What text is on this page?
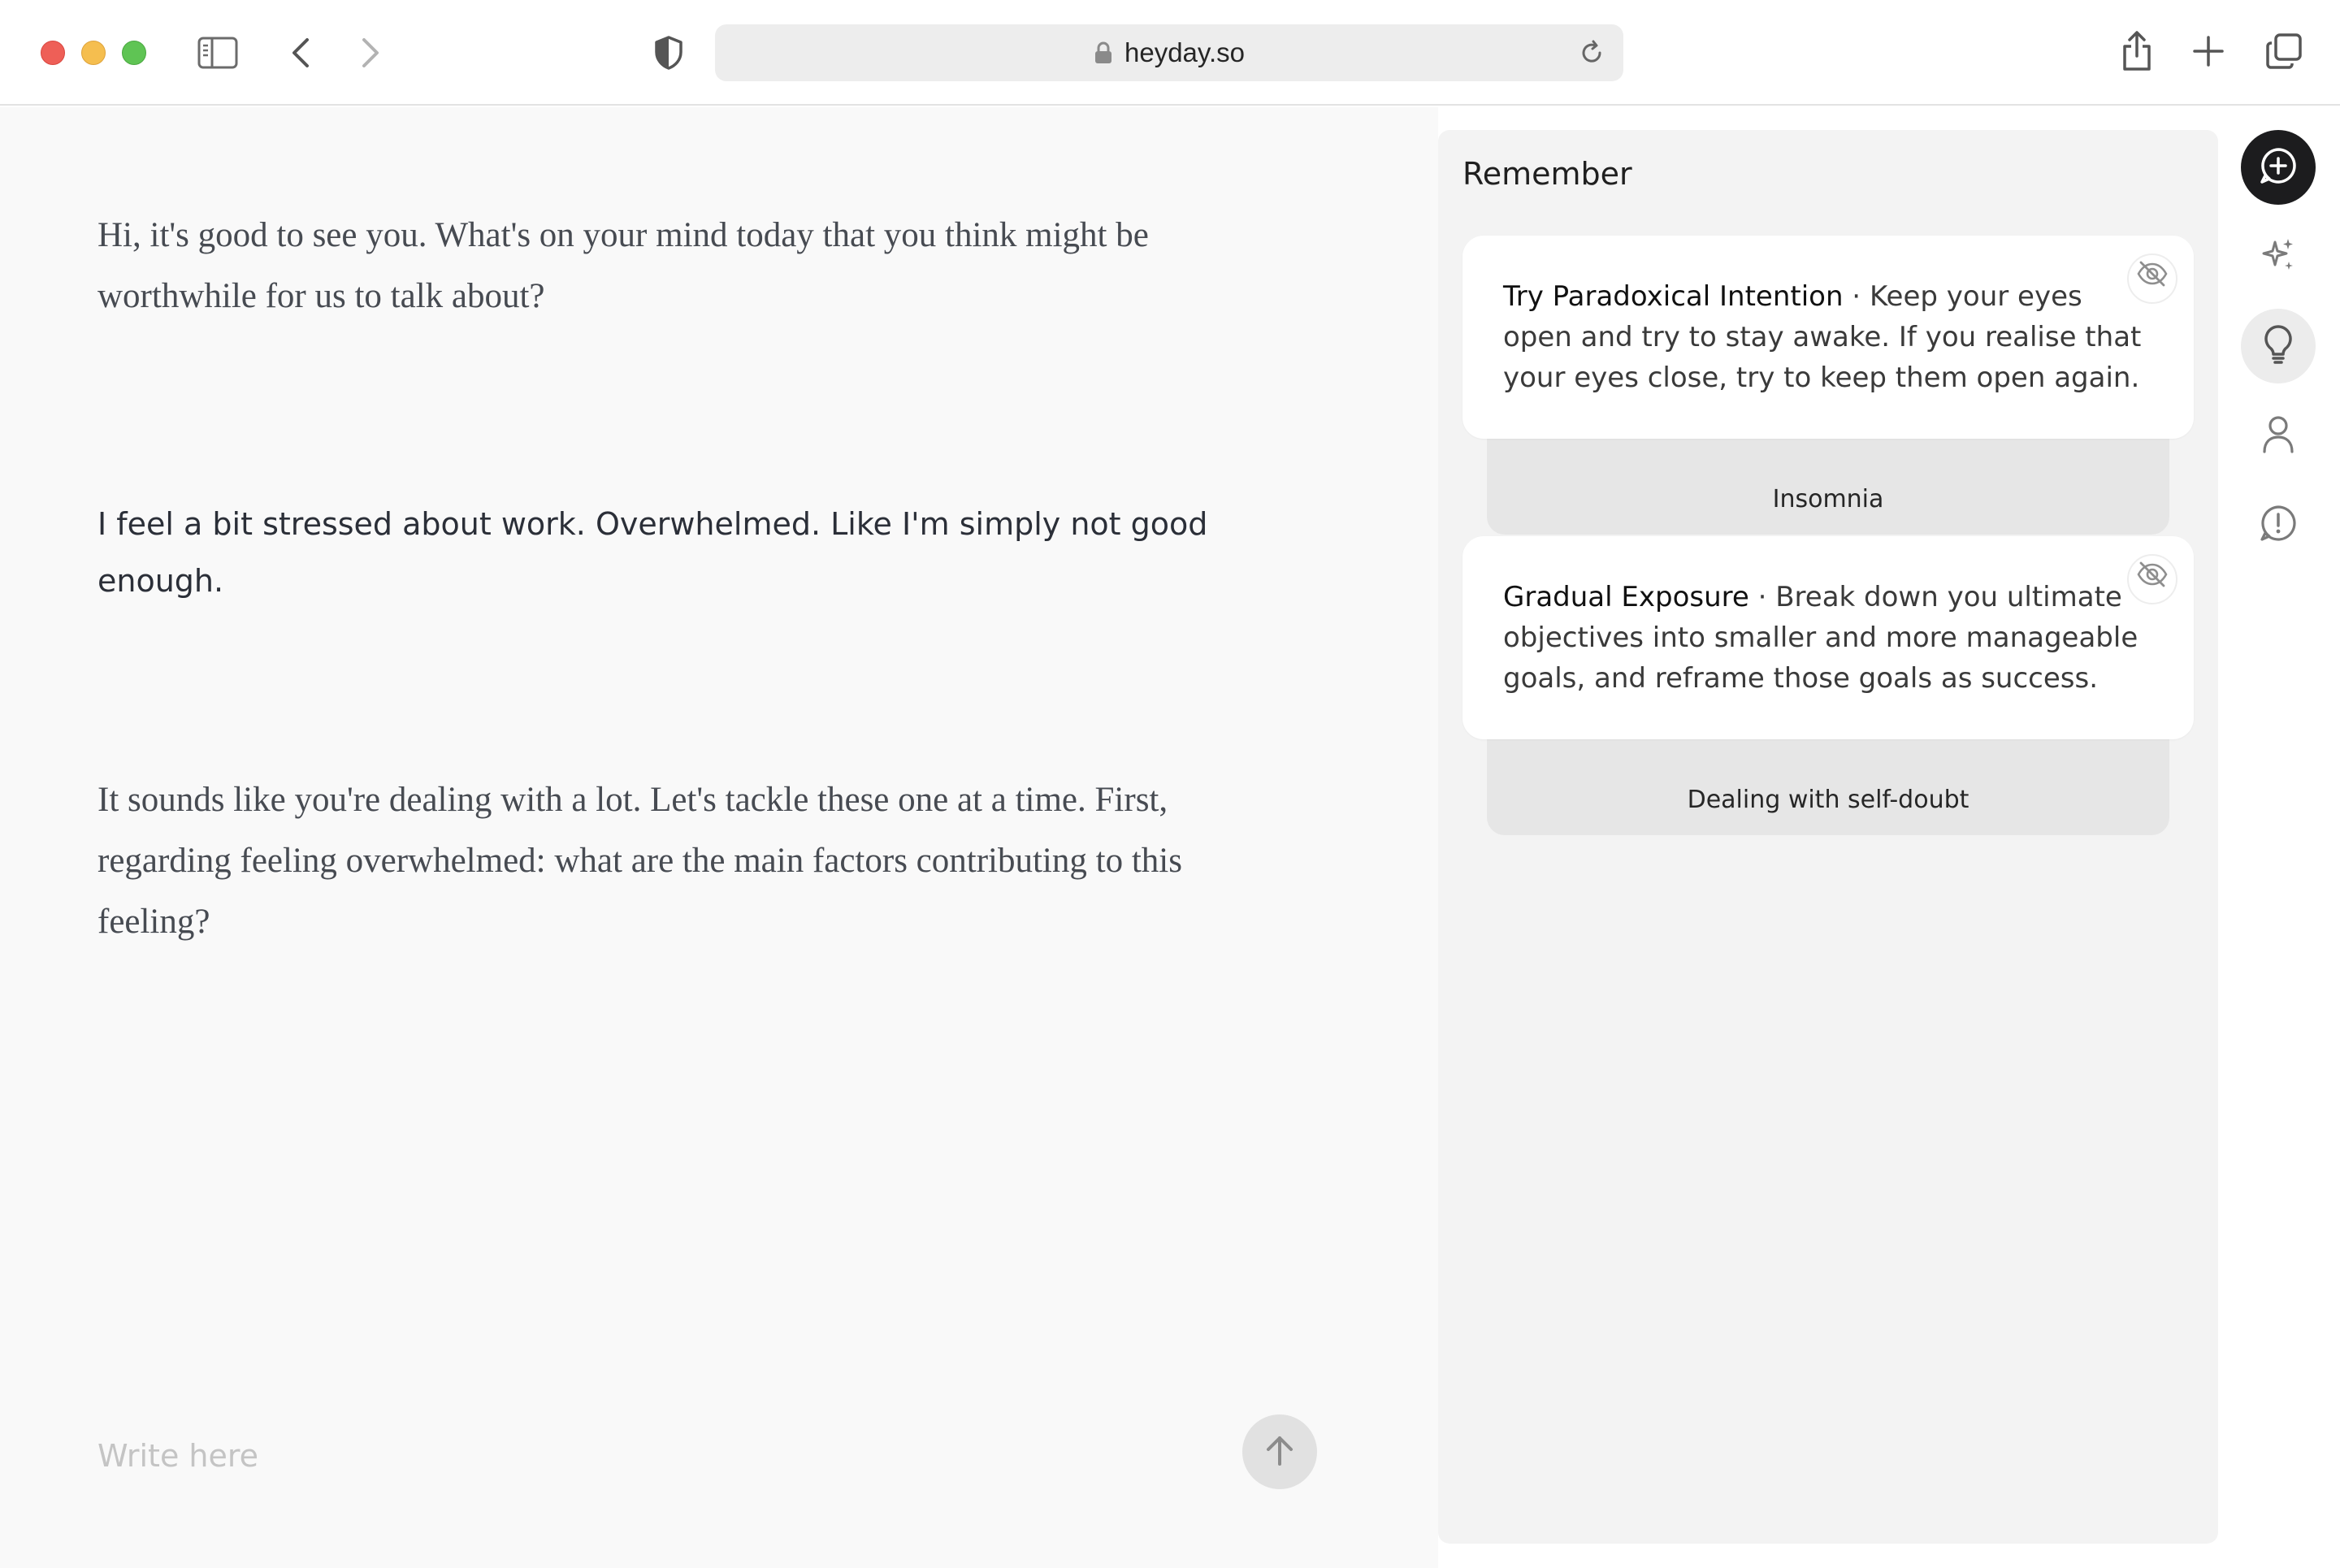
heyday.so
Hi, it's good to see you. What's on your mind today that you think might be worthwhile for us to talk about?
I feel a bit stressed about work. Overwhelmed. Like I'm simply not good enough.
It sounds like you're dealing with a lot. Let's tackle these one at a time. First, regarding feeling overwhelmed: what are the main factors contributing to this feeling?
Write here
Remember
Insomnia
Try Paradoxical Intention · Keep your eyes open and try to stay awake. If you realise that your eyes close, try to keep them open again.
Dealing with self-doubt
Gradual Exposure · Break down you ultimate objectives into smaller and more manageable goals, and reframe those goals as success.
